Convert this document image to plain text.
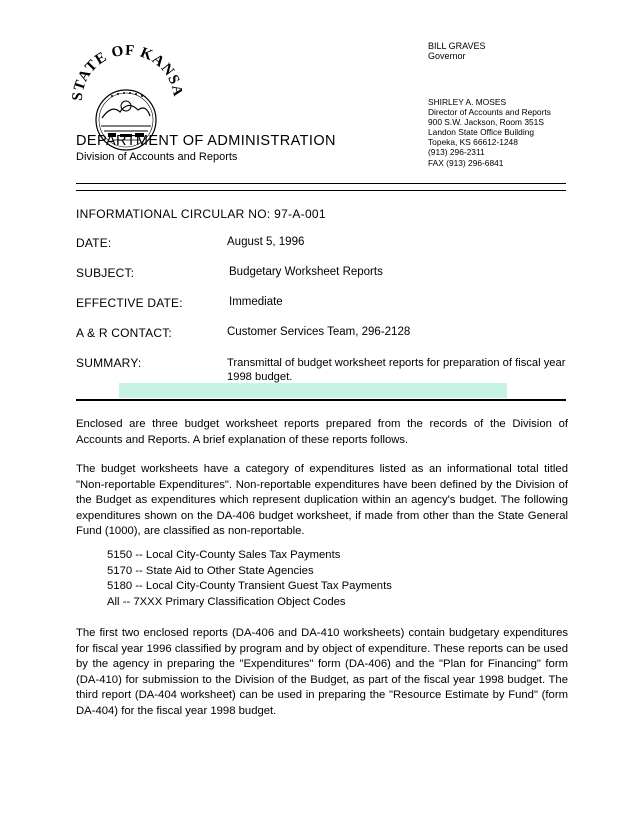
STATE OF KANS
DEPARTMENT OF ADMINISTRATION
Division of Accounts and Reports
BILL GRAVES
Governor
SHIRLEY A. MOSES
Director of Accounts and Reports
900 S.W. Jackson, Room 351S
Landon State Office Building
Topeka, KS 66612-1248
(913) 296-2311
FAX (913) 296-6841
INFORMATIONAL CIRCULAR NO: 97-A-001
DATE:	August 5, 1996
SUBJECT:	Budgetary Worksheet Reports
EFFECTIVE DATE:	Immediate
A & R CONTACT:	Customer Services Team, 296-2128
SUMMARY:	Transmittal of budget worksheet reports for preparation of fiscal year 1998 budget.
Enclosed are three budget worksheet reports prepared from the records of the Division of Accounts and Reports. A brief explanation of these reports follows.
The budget worksheets have a category of expenditures listed as an informational total titled "Non-reportable Expenditures". Non-reportable expenditures have been defined by the Division of the Budget as expenditures which represent duplication within an agency's budget. The following expenditures shown on the DA-406 budget worksheet, if made from other than the State General Fund (1000), are classified as non-reportable.
5150 -- Local City-County Sales Tax Payments
5170 -- State Aid to Other State Agencies
5180 -- Local City-County Transient Guest Tax Payments
All -- 7XXX Primary Classification Object Codes
The first two enclosed reports (DA-406 and DA-410 worksheets) contain budgetary expenditures for fiscal year 1996 classified by program and by object of expenditure. These reports can be used by the agency in preparing the "Expenditures" form (DA-406) and the "Plan for Financing" form (DA-410) for submission to the Division of the Budget, as part of the fiscal year 1998 budget. The third report (DA-404 worksheet) can be used in preparing the "Resource Estimate by Fund" (form DA-404) for the fiscal year 1998 budget.
